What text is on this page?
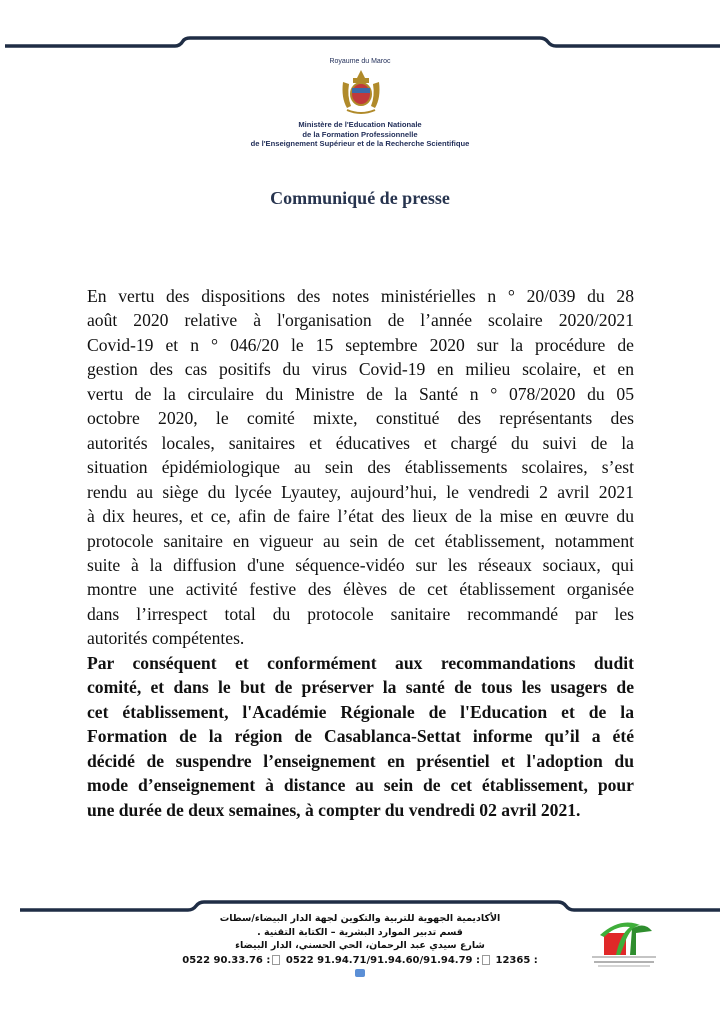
Royaume du Maroc
Ministère de l'Education Nationale
de la Formation Professionnelle
de l'Enseignement Supérieur et de la Recherche Scientifique
Communiqué de presse
En vertu des dispositions des notes ministérielles n ° 20/039 du 28
août 2020 relative à l'organisation de l’année scolaire 2020/2021
Covid-19 et n ° 046/20 le 15 septembre 2020 sur la procédure de
gestion des cas positifs du virus Covid-19 en milieu scolaire, et en
vertu de la circulaire du Ministre de la Santé n ° 078/2020 du 05
octobre 2020, le comité mixte, constitué des représentants des
autorités locales, sanitaires et éducatives et chargé du suivi de la
situation épidémiologique au sein des établissements scolaires, s’est
rendu au siège du lycée Lyautey, aujourd’hui, le vendredi 2 avril 2021
à dix heures, et ce, afin de faire l’état des lieux de la mise en œuvre du
protocole sanitaire en vigueur au sein de cet établissement, notamment
suite à la diffusion d'une séquence-vidéo sur les réseaux sociaux, qui
montre une activité festive des élèves de cet établissement organisée
dans l’irrespect total du protocole sanitaire recommandé par les
autorités compétentes.
Par conséquent et conformément aux recommandations dudit
comité, et dans le but de préserver la santé de tous les usagers de
cet établissement, l'Académie Régionale de l'Education et de la
Formation de la région de Casablanca-Settat informe qu’il a été
décidé de suspendre l’enseignement en présentiel et l'adoption du
mode d’enseignement à distance au sein de cet établissement, pour
une durée de deux semaines, à compter du vendredi 02 avril 2021.
الأكاديمية الجهوية للتربية والتكوين لجهة الدار البيضاء/سطات
قسم تدبير الموارد البشرية – الكتابة التقنية .
شارع سيدي عبد الرحمان، الحي الحسني، الدار البيضاء
0522 90.33.76 : 0522 91.94.71/91.94.60/91.94.79 : 12365 :
